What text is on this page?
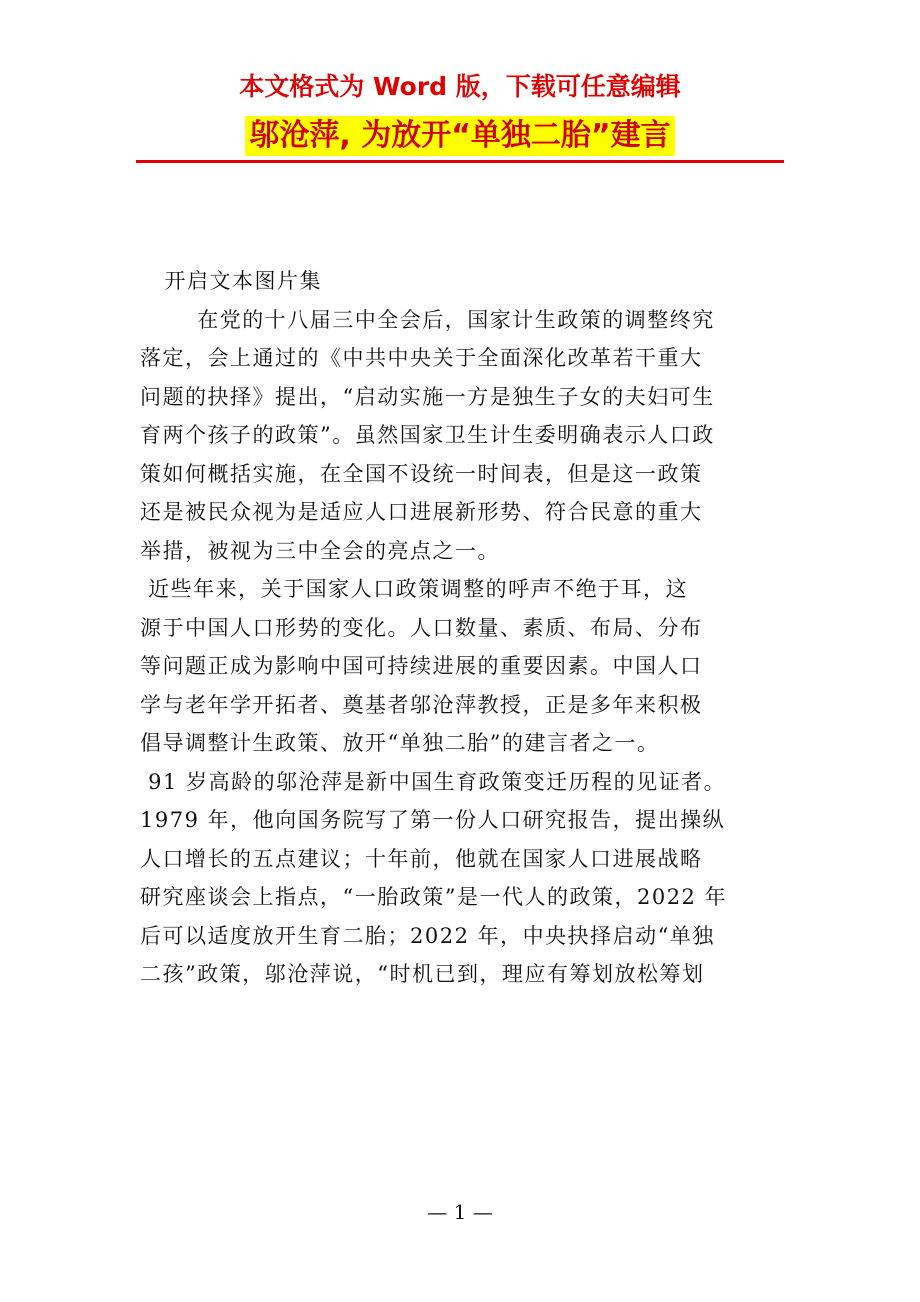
本文格式为 Word 版，下载可任意编辑
邬沧萍, 为放开“单独二胎”建言

开启文本图片集

在党的十八届三中全会后，国家计生政策的调整终究

落定，会上通过的《中共中央关于全面深化改革若干重大

问题的抉择》提出，“启动实施一方是独生子女的夫妇可生

育两个孩子的政策”。虽然国家卫生计生委明确表示人口政

策如何概括实施，在全国不设统一时间表，但是这一政策

还是被民众视为是适应人口进展新形势、符合民意的重大

举措，被视为三中全会的亮点之一。

近些年来，关于国家人口政策调整的呼声不绝于耳，这

源于中国人口形势的变化。人口数量、素质、布局、分布

等问题正成为影响中国可持续进展的重要因素。中国人口

学与老年学开拓者、奠基者邬沧萍教授，正是多年来积极

倡导调整计生政策、放开“单独二胎”的建言者之一。

91 岁高龄的邬沧萍是新中国生育政策变迁历程的见证者。

1979 年，他向国务院写了第一份人口研究报告，提出操纵

人口增长的五点建议；十年前，他就在国家人口进展战略

研究座谈会上指点，“一胎政策”是一代人的政策，2022 年

后可以适度放开生育二胎；2022 年，中央抉择启动“单独

二孩”政策，邬沧萍说，“时机已到，理应有筹划放松筹划

— 1 —
